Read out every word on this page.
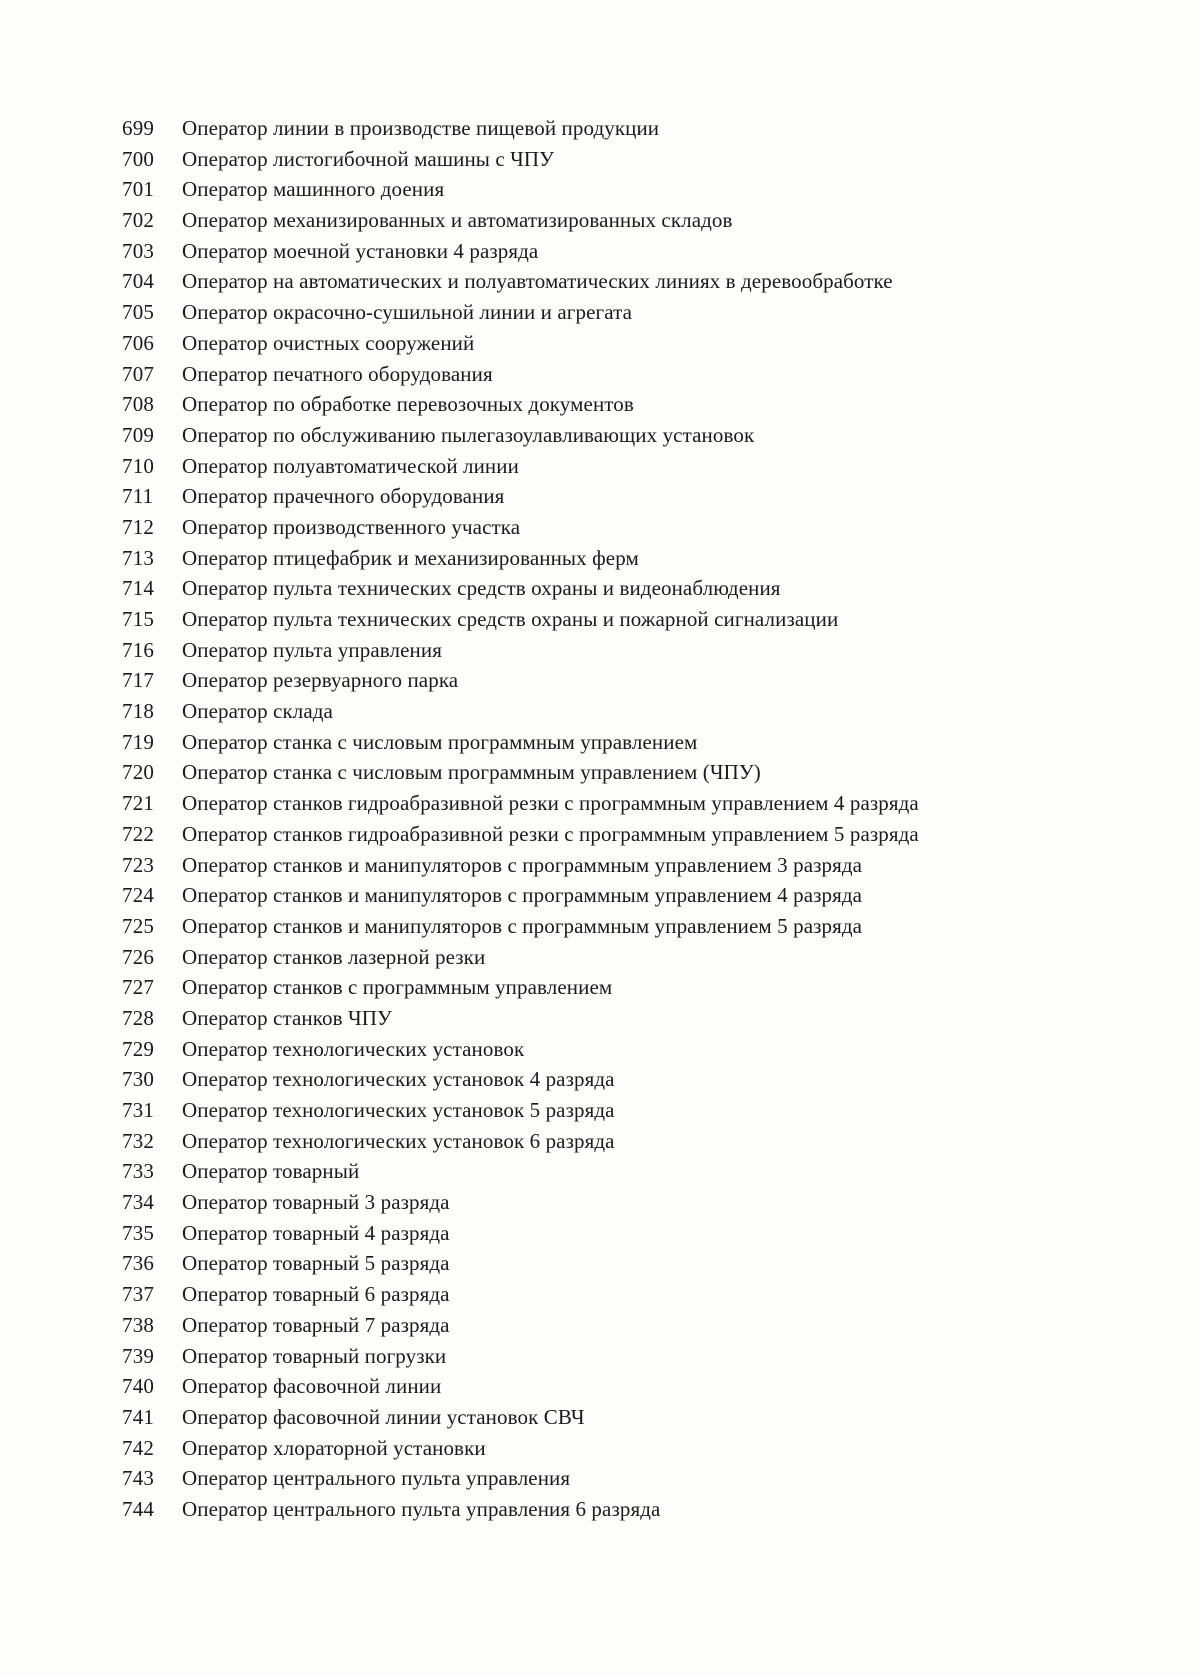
699	Оператор линии в производстве пищевой продукции
700	Оператор листогибочной машины с ЧПУ
701	Оператор машинного доения
702	Оператор механизированных и автоматизированных складов
703	Оператор моечной установки 4 разряда
704	Оператор на автоматических и полуавтоматических линиях в деревообработке
705	Оператор окрасочно-сушильной линии и агрегата
706	Оператор очистных сооружений
707	Оператор печатного оборудования
708	Оператор по обработке перевозочных документов
709	Оператор по обслуживанию пылегазоулавливающих установок
710	Оператор полуавтоматической линии
711	Оператор прачечного оборудования
712	Оператор производственного участка
713	Оператор птицефабрик и механизированных ферм
714	Оператор пульта технических средств охраны и видеонаблюдения
715	Оператор пульта технических средств охраны и пожарной сигнализации
716	Оператор пульта управления
717	Оператор резервуарного парка
718	Оператор склада
719	Оператор станка с числовым программным управлением
720	Оператор станка с числовым программным управлением (ЧПУ)
721	Оператор станков гидроабразивной резки с программным управлением 4 разряда
722	Оператор станков гидроабразивной резки с программным управлением 5 разряда
723	Оператор станков и манипуляторов с программным управлением 3 разряда
724	Оператор станков и манипуляторов с программным управлением 4 разряда
725	Оператор станков и манипуляторов с программным управлением 5 разряда
726	Оператор станков лазерной резки
727	Оператор станков с программным управлением
728	Оператор станков ЧПУ
729	Оператор технологических установок
730	Оператор технологических установок 4 разряда
731	Оператор технологических установок 5 разряда
732	Оператор технологических установок 6 разряда
733	Оператор товарный
734	Оператор товарный 3 разряда
735	Оператор товарный 4 разряда
736	Оператор товарный 5 разряда
737	Оператор товарный 6 разряда
738	Оператор товарный 7 разряда
739	Оператор товарный погрузки
740	Оператор фасовочной линии
741	Оператор фасовочной линии установок СВЧ
742	Оператор хлораторной установки
743	Оператор центрального пульта управления
744	Оператор центрального пульта управления 6 разряда
